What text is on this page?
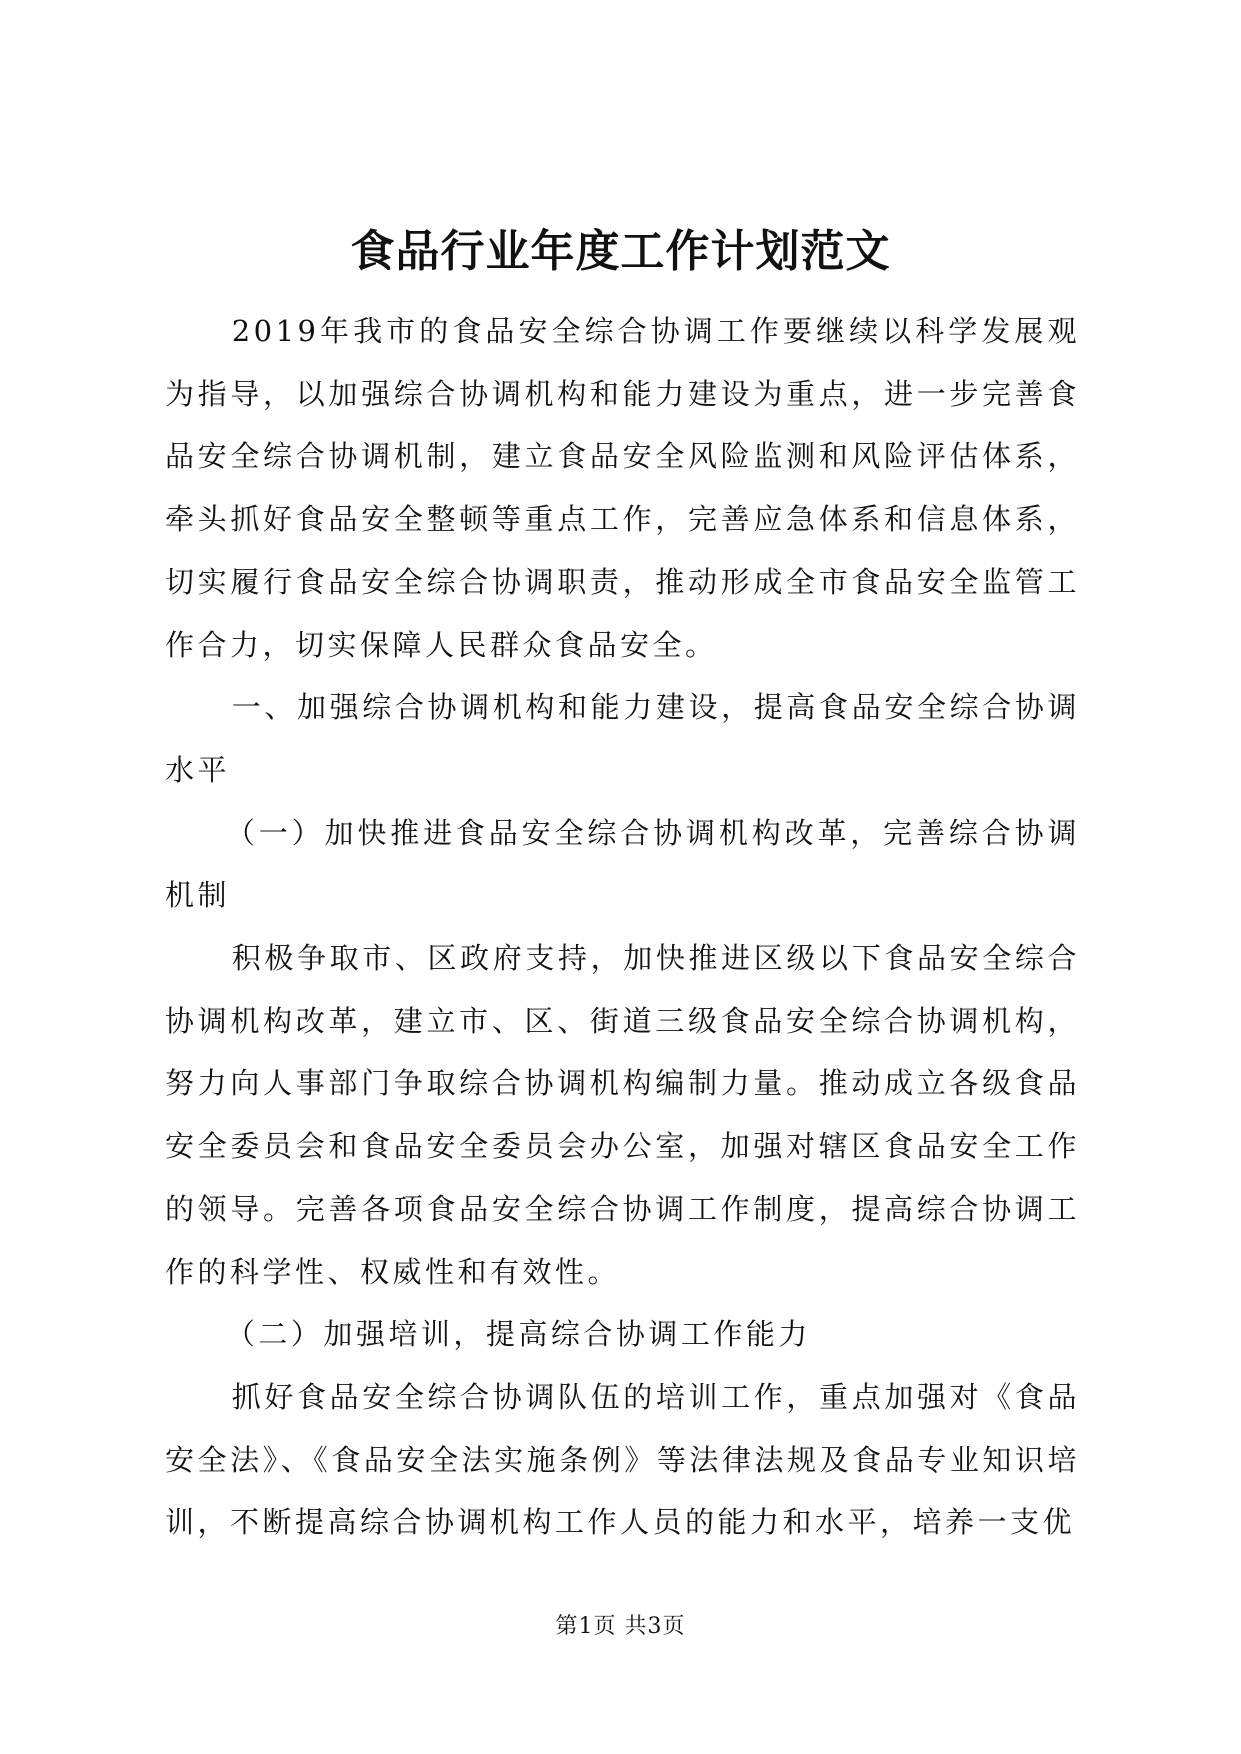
食品行业年度工作计划范文

2019年我市的食品安全综合协调工作要继续以科学发展观为指导，以加强综合协调机构和能力建设为重点，进一步完善食品安全综合协调机制，建立食品安全风险监测和风险评估体系，牵头抓好食品安全整顿等重点工作，完善应急体系和信息体系，切实履行食品安全综合协调职责，推动形成全市食品安全监管工作合力，切实保障人民群众食品安全。

一、加强综合协调机构和能力建设，提高食品安全综合协调水平

（一）加快推进食品安全综合协调机构改革，完善综合协调机制

积极争取市、区政府支持，加快推进区级以下食品安全综合协调机构改革，建立市、区、街道三级食品安全综合协调机构，努力向人事部门争取综合协调机构编制力量。推动成立各级食品安全委员会和食品安全委员会办公室，加强对辖区食品安全工作的领导。完善各项食品安全综合协调工作制度，提高综合协调工作的科学性、权威性和有效性。

（二）加强培训，提高综合协调工作能力

抓好食品安全综合协调队伍的培训工作，重点加强对《食品安全法》、《食品安全法实施条例》等法律法规及食品专业知识培训，不断提高综合协调机构工作人员的能力和水平，培养一支优

第1页 共3页
